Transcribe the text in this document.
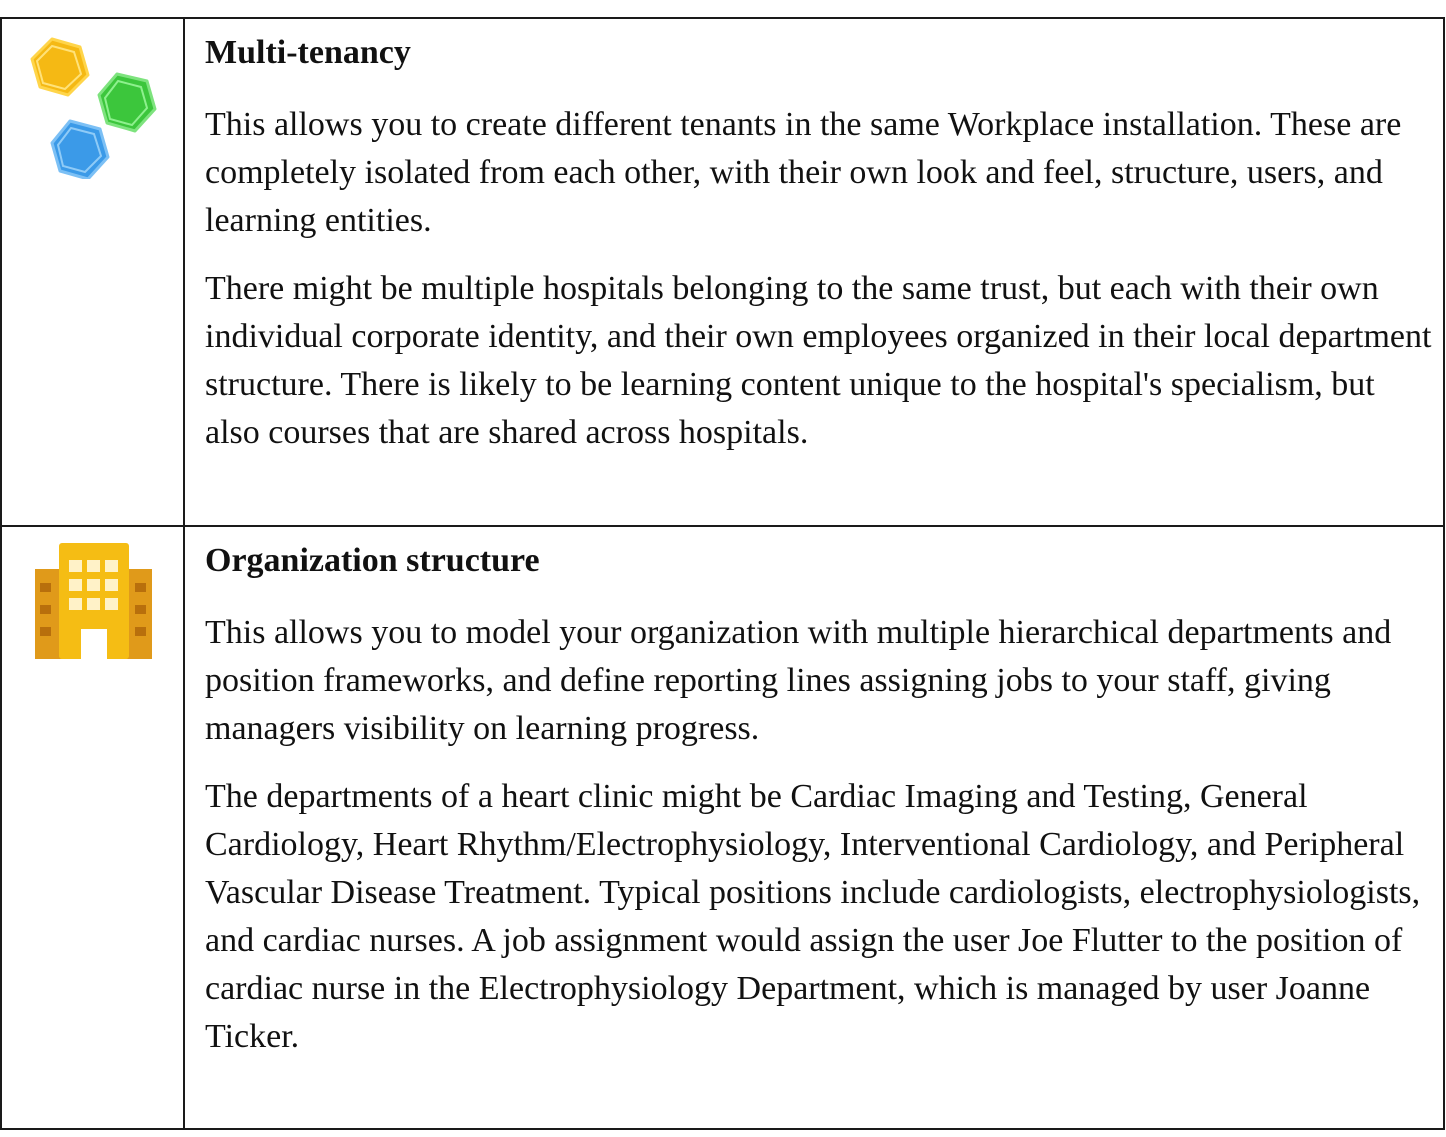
Multi-tenancy

This allows you to create different tenants in the same Workplace installation. These are completely isolated from each other, with their own look and feel, structure, users, and learning entities.

There might be multiple hospitals belonging to the same trust, but each with their own individual corporate identity, and their own employees organized in their local department structure. There is likely to be learning content unique to the hospital's specialism, but also courses that are shared across hospitals.

Organization structure

This allows you to model your organization with multiple hierarchical departments and position frameworks, and define reporting lines assigning jobs to your staff, giving managers visibility on learning progress.

The departments of a heart clinic might be Cardiac Imaging and Testing, General Cardiology, Heart Rhythm/Electrophysiology, Interventional Cardiology, and Peripheral Vascular Disease Treatment. Typical positions include cardiologists, electrophysiologists, and cardiac nurses. A job assignment would assign the user Joe Flutter to the position of cardiac nurse in the Electrophysiology Department, which is managed by user Joanne Ticker.
